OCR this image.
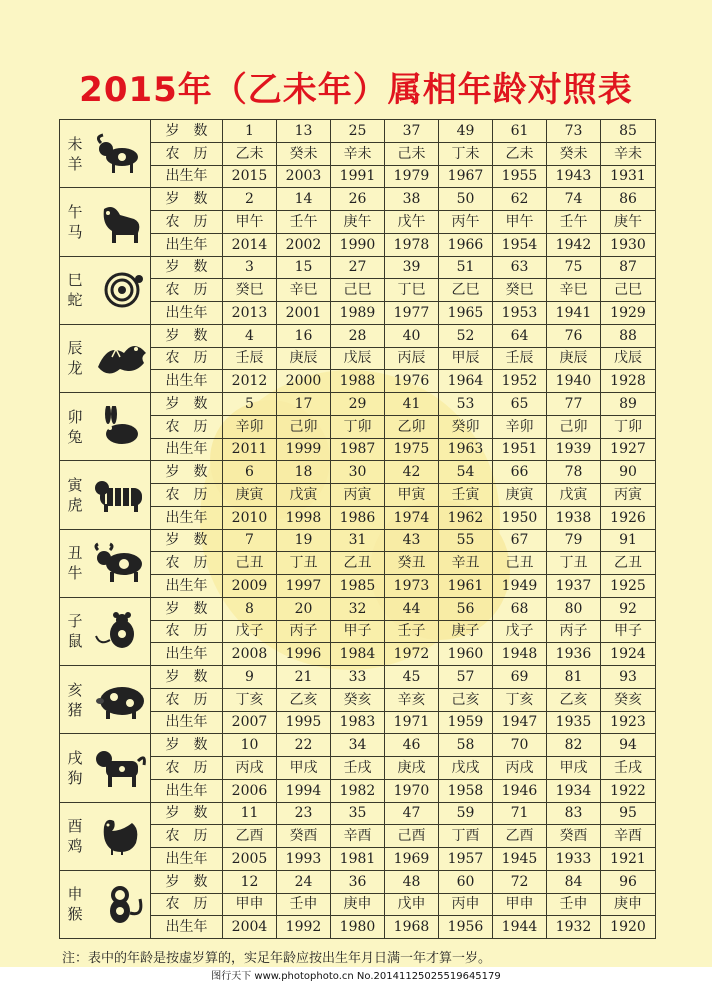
2015年（乙未年）属相年龄对照表
未
羊	岁　数	1	13	25	37	49	61	73	85
	农　历	乙未	癸未	辛未	己未	丁未	乙未	癸未	辛未
	出生年	2015	2003	1991	1979	1967	1955	1943	1931

午
马	岁　数	2	14	26	38	50	62	74	86
	农　历	甲午	壬午	庚午	戊午	丙午	甲午	壬午	庚午
	出生年	2014	2002	1990	1978	1966	1954	1942	1930

巳
蛇	岁　数	3	15	27	39	51	63	75	87
	农　历	癸巳	辛巳	己巳	丁巳	乙巳	癸巳	辛巳	己巳
	出生年	2013	2001	1989	1977	1965	1953	1941	1929

辰
龙	岁　数	4	16	28	40	52	64	76	88
	农　历	壬辰	庚辰	戊辰	丙辰	甲辰	壬辰	庚辰	戊辰
	出生年	2012	2000	1988	1976	1964	1952	1940	1928

卯
兔	岁　数	5	17	29	41	53	65	77	89
	农　历	辛卯	己卯	丁卯	乙卯	癸卯	辛卯	己卯	丁卯
	出生年	2011	1999	1987	1975	1963	1951	1939	1927

寅
虎	岁　数	6	18	30	42	54	66	78	90
	农　历	庚寅	戊寅	丙寅	甲寅	壬寅	庚寅	戊寅	丙寅
	出生年	2010	1998	1986	1974	1962	1950	1938	1926

丑
牛	岁　数	7	19	31	43	55	67	79	91
	农　历	己丑	丁丑	乙丑	癸丑	辛丑	己丑	丁丑	乙丑
	出生年	2009	1997	1985	1973	1961	1949	1937	1925

子
鼠	岁　数	8	20	32	44	56	68	80	92
	农　历	戊子	丙子	甲子	壬子	庚子	戊子	丙子	甲子
	出生年	2008	1996	1984	1972	1960	1948	1936	1924

亥
猪	岁　数	9	21	33	45	57	69	81	93
	农　历	丁亥	乙亥	癸亥	辛亥	己亥	丁亥	乙亥	癸亥
	出生年	2007	1995	1983	1971	1959	1947	1935	1923

戌
狗	岁　数	10	22	34	46	58	70	82	94
	农　历	丙戌	甲戌	壬戌	庚戌	戊戌	丙戌	甲戌	壬戌
	出生年	2006	1994	1982	1970	1958	1946	1934	1922

酉
鸡	岁　数	11	23	35	47	59	71	83	95
	农　历	乙酉	癸酉	辛酉	己酉	丁酉	乙酉	癸酉	辛酉
	出生年	2005	1993	1981	1969	1957	1945	1933	1921

申
猴	岁　数	12	24	36	48	60	72	84	96
	农　历	甲申	壬申	庚申	戊申	丙申	甲申	壬申	庚申
	出生年	2004	1992	1980	1968	1956	1944	1932	1920
注：表中的年龄是按虚岁算的，实足年龄应按出生年月日满一年才算一岁。
图行天下 www.photophoto.cn No.20141125025519645179
